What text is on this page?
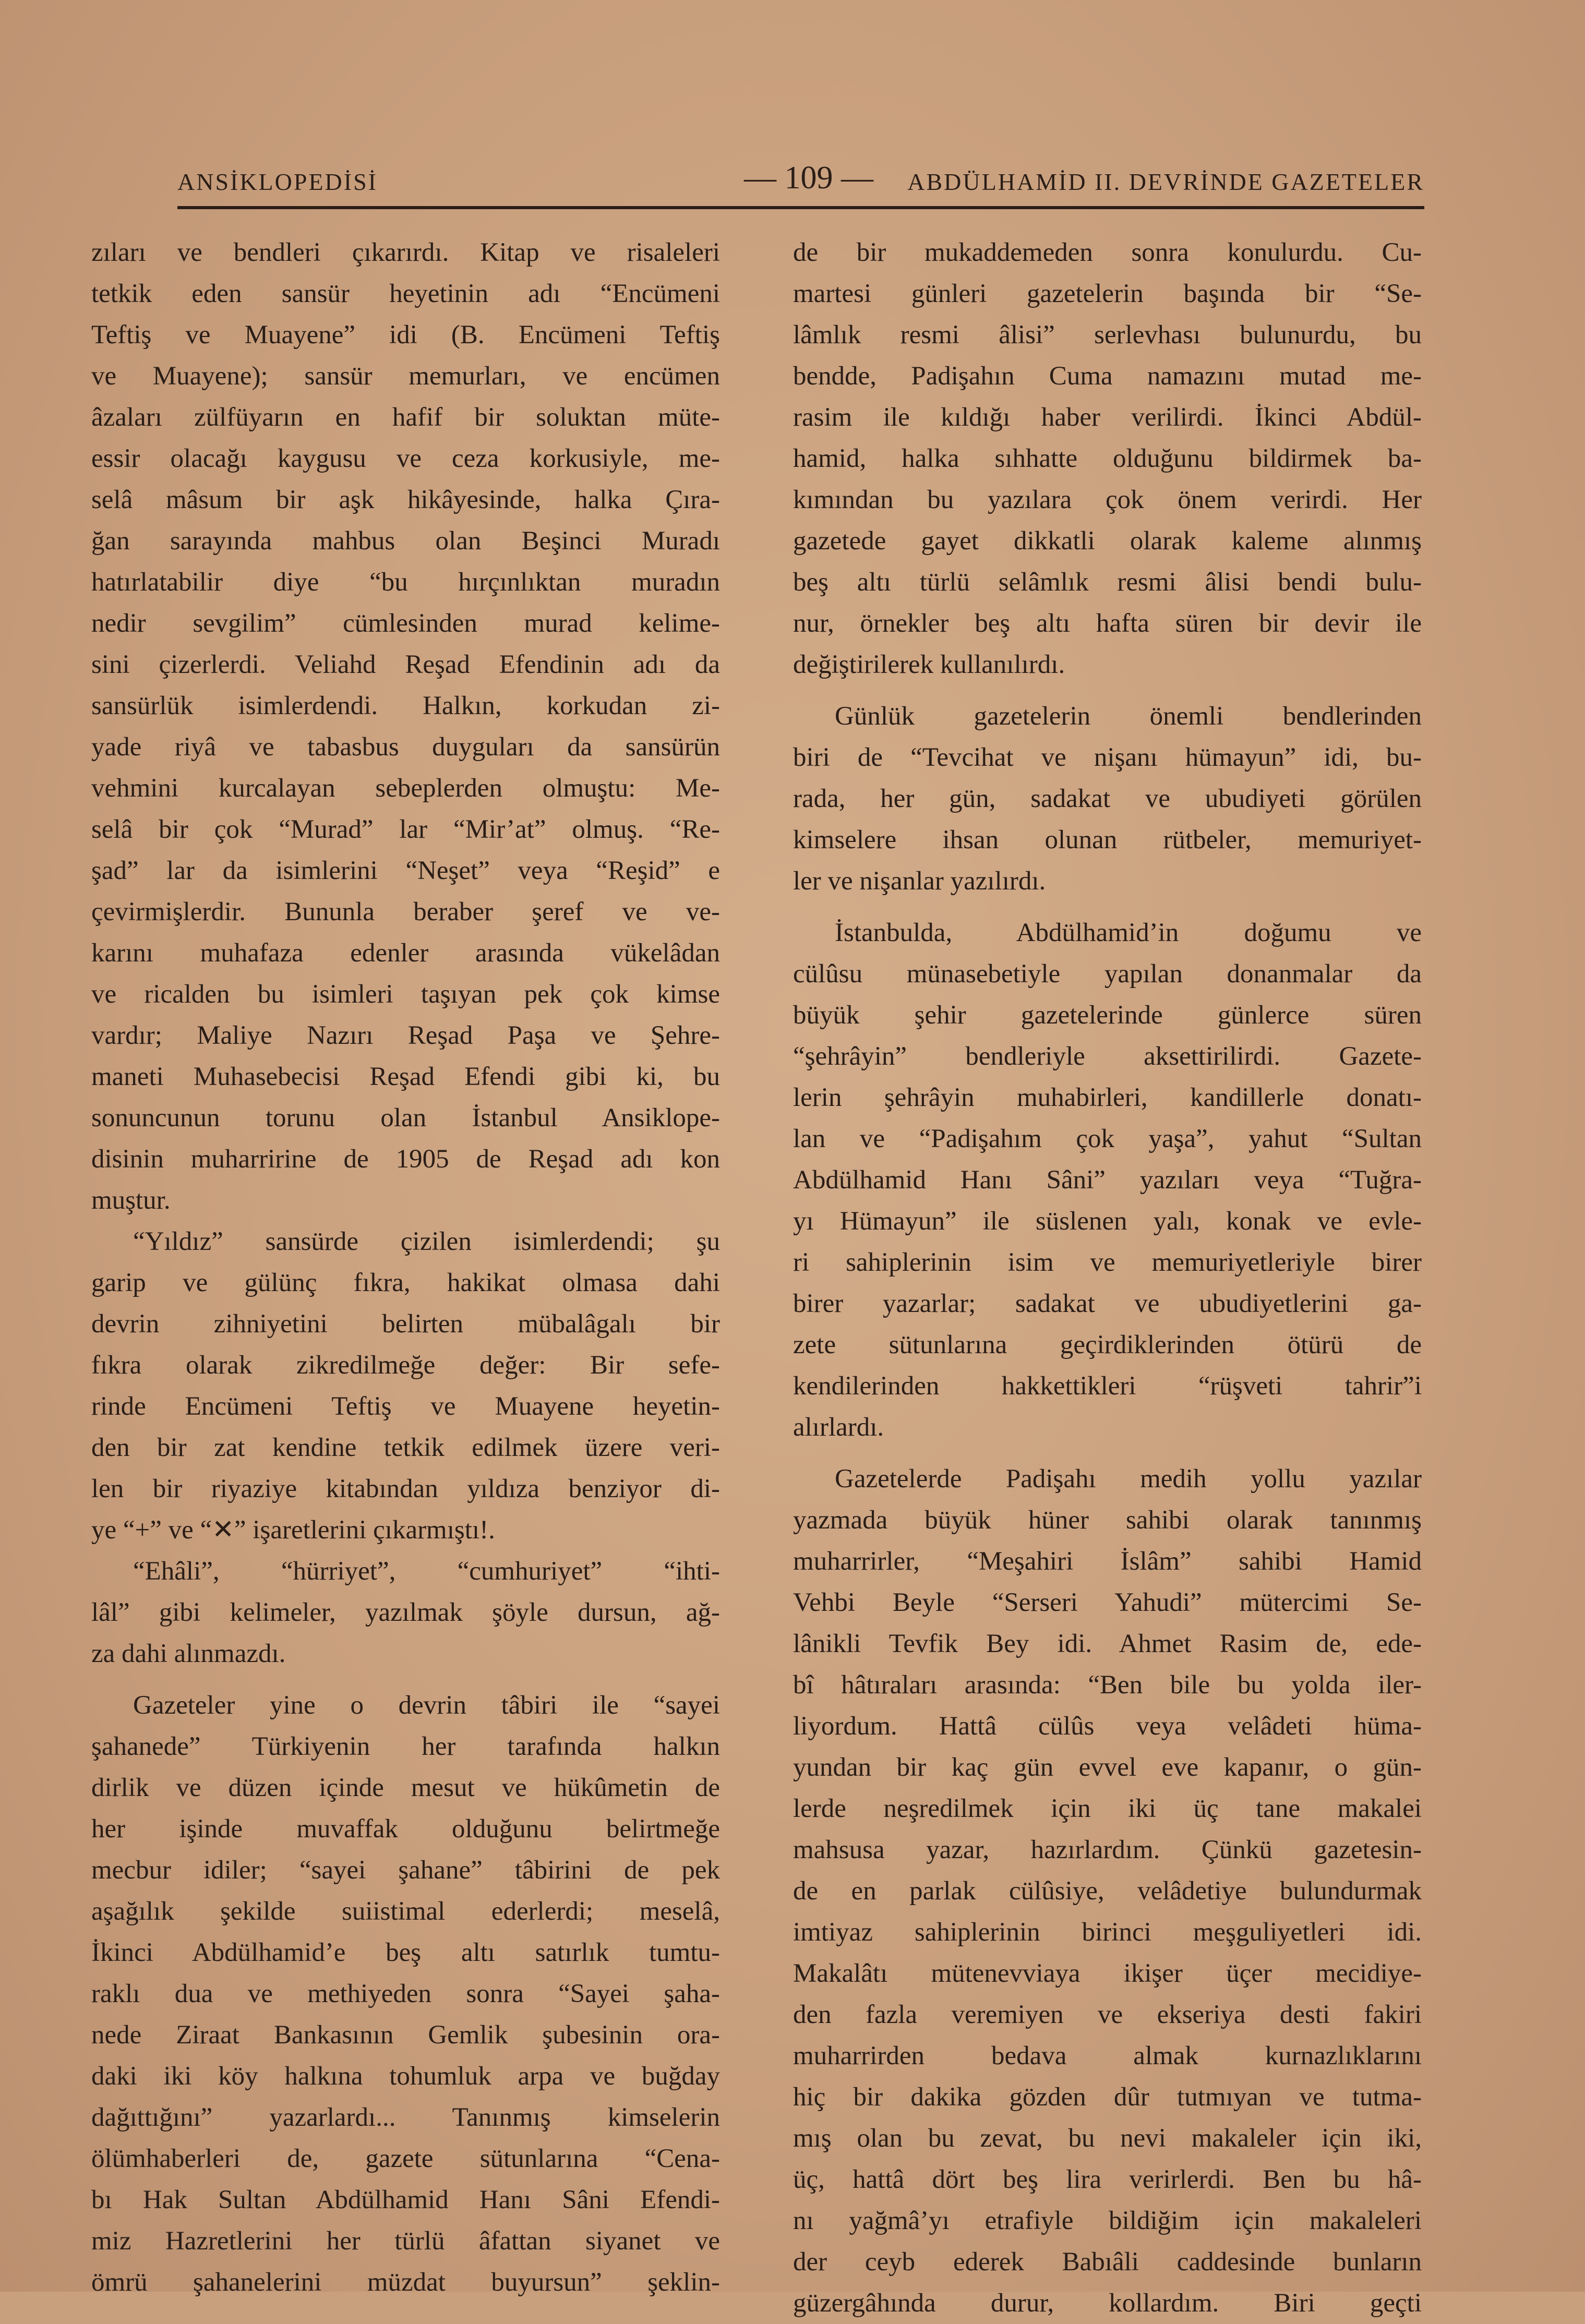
ANSİKLOPEDİSİ	— 109 —	ABDÜLHAMİD II. DEVRİNDE GAZETELER
zıları ve bendleri çıkarırdı. Kitap ve risaleleri
tetkik eden sansür heyetinin adı “Encümeni
Teftiş ve Muayene” idi (B. Encümeni Teftiş
ve Muayene); sansür memurları, ve encümen
âzaları zülfüyarın en hafif bir soluktan müte-
essir olacağı kaygusu ve ceza korkusiyle, me-
selâ mâsum bir aşk hikâyesinde, halka Çıra-
ğan sarayında mahbus olan Beşinci Muradı
hatırlatabilir diye “bu hırçınlıktan muradın
nedir sevgilim” cümlesinden murad kelime-
sini çizerlerdi. Veliahd Reşad Efendinin adı da
sansürlük isimlerdendi. Halkın, korkudan zi-
yade riyâ ve tabasbus duyguları da sansürün
vehmini kurcalayan sebeplerden olmuştu: Me-
selâ bir çok “Murad” lar “Mir’at” olmuş. “Re-
şad” lar da isimlerini “Neşet” veya “Reşid” e
çevirmişlerdir. Bununla beraber şeref ve ve-
karını muhafaza edenler arasında vükelâdan
ve ricalden bu isimleri taşıyan pek çok kimse
vardır; Maliye Nazırı Reşad Paşa ve Şehre-
maneti Muhasebecisi Reşad Efendi gibi ki, bu
sonuncunun torunu olan İstanbul Ansiklope-
disinin muharririne de 1905 de Reşad adı kon
muştur.
“Yıldız” sansürde çizilen isimlerdendi; şu
garip ve gülünç fıkra, hakikat olmasa dahi
devrin zihniyetini belirten mübalâgalı bir
fıkra olarak zikredilmeğe değer: Bir sefe-
rinde Encümeni Teftiş ve Muayene heyetin-
den bir zat kendine tetkik edilmek üzere veri-
len bir riyaziye kitabından yıldıza benziyor di-
ye “+” ve “✕” işaretlerini çıkarmıştı!.
“Ehâli”, “hürriyet”, “cumhuriyet” “ihti-
lâl” gibi kelimeler, yazılmak şöyle dursun, ağ-
za dahi alınmazdı.
Gazeteler yine o devrin tâbiri ile “sayei
şahanede” Türkiyenin her tarafında halkın
dirlik ve düzen içinde mesut ve hükûmetin de
her işinde muvaffak olduğunu belirtmeğe
mecbur idiler; “sayei şahane” tâbirini de pek
aşağılık şekilde suiistimal ederlerdi; meselâ,
İkinci Abdülhamid’e beş altı satırlık tumtu-
raklı dua ve methiyeden sonra “Sayei şaha-
nede Ziraat Bankasının Gemlik şubesinin ora-
daki iki köy halkına tohumluk arpa ve buğday
dağıttığını” yazarlardı... Tanınmış kimselerin
ölümhaberleri de, gazete sütunlarına “Cena-
bı Hak Sultan Abdülhamid Hanı Sâni Efendi-
miz Hazretlerini her türlü âfattan siyanet ve
ömrü şahanelerini müzdat buyursun” şeklin-
de bir mukaddemeden sonra konulurdu. Cu-
martesi günleri gazetelerin başında bir “Se-
lâmlık resmi âlisi” serlevhası bulunurdu, bu
bendde, Padişahın Cuma namazını mutad me-
rasim ile kıldığı haber verilirdi. İkinci Abdül-
hamid, halka sıhhatte olduğunu bildirmek ba-
kımından bu yazılara çok önem verirdi. Her
gazetede gayet dikkatli olarak kaleme alınmış
beş altı türlü selâmlık resmi âlisi bendi bulu-
nur, örnekler beş altı hafta süren bir devir ile
değiştirilerek kullanılırdı.
Günlük gazetelerin önemli bendlerinden
biri de “Tevcihat ve nişanı hümayun” idi, bu-
rada, her gün, sadakat ve ubudiyeti görülen
kimselere ihsan olunan rütbeler, memuriyet-
ler ve nişanlar yazılırdı.
İstanbulda, Abdülhamid’in doğumu ve
cülûsu münasebetiyle yapılan donanmalar da
büyük şehir gazetelerinde günlerce süren
“şehrâyin” bendleriyle aksettirilirdi. Gazete-
lerin şehrâyin muhabirleri, kandillerle donatı-
lan ve “Padişahım çok yaşa”, yahut “Sultan
Abdülhamid Hanı Sâni” yazıları veya “Tuğra-
yı Hümayun” ile süslenen yalı, konak ve evle-
ri sahiplerinin isim ve memuriyetleriyle birer
birer yazarlar; sadakat ve ubudiyetlerini ga-
zete sütunlarına geçirdiklerinden ötürü de
kendilerinden hakkettikleri “rüşveti tahrir”i
alırlardı.
Gazetelerde Padişahı medih yollu yazılar
yazmada büyük hüner sahibi olarak tanınmış
muharrirler, “Meşahiri İslâm” sahibi Hamid
Vehbi Beyle “Serseri Yahudi” mütercimi Se-
lânikli Tevfik Bey idi. Ahmet Rasim de, ede-
bî hâtıraları arasında: “Ben bile bu yolda iler-
liyordum. Hattâ cülûs veya velâdeti hüma-
yundan bir kaç gün evvel eve kapanır, o gün-
lerde neşredilmek için iki üç tane makalei
mahsusa yazar, hazırlardım. Çünkü gazetesin-
de en parlak cülûsiye, velâdetiye bulundurmak
imtiyaz sahiplerinin birinci meşguliyetleri idi.
Makalâtı mütenevviaya ikişer üçer mecidiye-
den fazla veremiyen ve ekseriya desti fakiri
muharrirden bedava almak kurnazlıklarını
hiç bir dakika gözden dûr tutmıyan ve tutma-
mış olan bu zevat, bu nevi makaleler için iki,
üç, hattâ dört beş lira verirlerdi. Ben bu hâ-
nı yağmâ’yı etrafiyle bildiğim için makaleleri
der ceyb ederek Babıâli caddesinde bunların
güzergâhında durur, kollardım. Biri geçti
